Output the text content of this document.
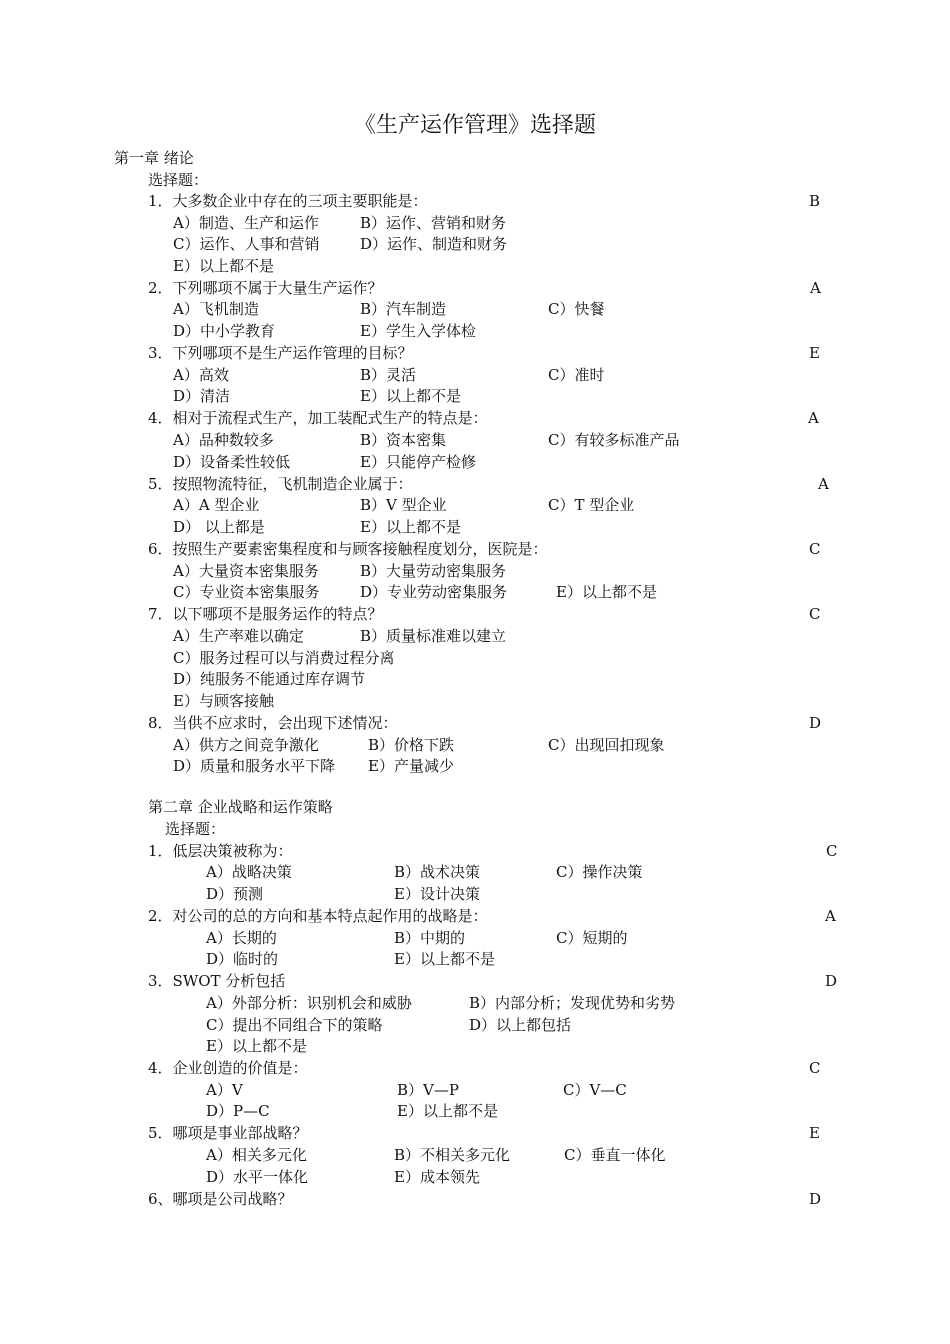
《生产运作管理》选择题
第一章 绪论
选择题：
1．大多数企业中存在的三项主要职能是：	B
A）制造、生产和运作	B）运作、营销和财务
C）运作、人事和营销	D）运作、制造和财务
E）以上都不是
2．下列哪项不属于大量生产运作？	A
A）飞机制造	B）汽车制造	C）快餐
D）中小学教育	E）学生入学体检
3．下列哪项不是生产运作管理的目标？	E
A）高效	B）灵活	C）准时
D）清洁	E）以上都不是
4．相对于流程式生产，加工装配式生产的特点是：	A
A）品种数较多	B）资本密集	C）有较多标准产品
D）设备柔性较低	E）只能停产检修
5．按照物流特征，飞机制造企业属于：	A
A）A 型企业	B）V 型企业	C）T 型企业
D） 以上都是	E）以上都不是
6．按照生产要素密集程度和与顾客接触程度划分，医院是：	C
A）大量资本密集服务	B）大量劳动密集服务
C）专业资本密集服务	D）专业劳动密集服务	E）以上都不是
7．以下哪项不是服务运作的特点？	C
A）生产率难以确定	B）质量标准难以建立
C）服务过程可以与消费过程分离
D）纯服务不能通过库存调节
E）与顾客接触
8．当供不应求时，会出现下述情况：	D
A）供方之间竞争激化	B）价格下跌	C）出现回扣现象
D）质量和服务水平下降 E）产量减少
第二章 企业战略和运作策略
选择题：
1．低层决策被称为：	C
A）战略决策	B）战术决策	C）操作决策
D）预测	E）设计决策
2．对公司的总的方向和基本特点起作用的战略是：	A
A）长期的	B）中期的	C）短期的
D）临时的	E）以上都不是
3．SWOT 分析包括	D
A）外部分析：识别机会和威胁	B）内部分析；发现优势和劣势
C）提出不同组合下的策略	D）以上都包括
E）以上都不是
4．企业创造的价值是：	C
A）V	B）V—P	C）V—C
D）P—C	E）以上都不是
5．哪项是事业部战略？	E
A）相关多元化	B）不相关多元化	C）垂直一体化
D）水平一体化	E）成本领先
6、哪项是公司战略？	D
